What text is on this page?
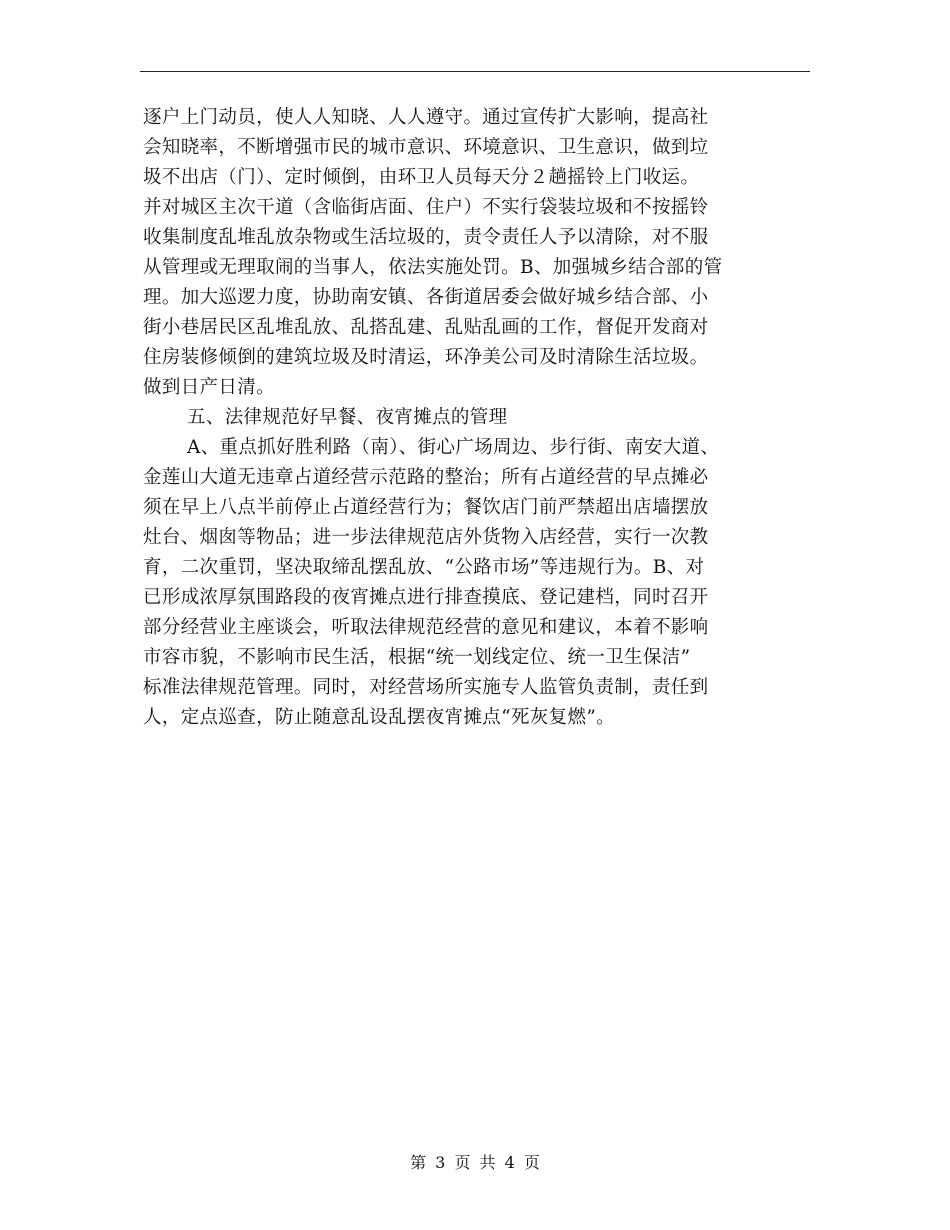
逐户上门动员，使人人知晓、人人遵守。通过宣传扩大影响，提高社
会知晓率，不断增强市民的城市意识、环境意识、卫生意识，做到垃
圾不出店（门）、定时倾倒，由环卫人员每天分２趟摇铃上门收运。
并对城区主次干道（含临街店面、住户）不实行袋装垃圾和不按摇铃
收集制度乱堆乱放杂物或生活垃圾的，责令责任人予以清除，对不服
从管理或无理取闹的当事人，依法实施处罚。B、加强城乡结合部的管
理。加大巡逻力度，协助南安镇、各街道居委会做好城乡结合部、小
街小巷居民区乱堆乱放、乱搭乱建、乱贴乱画的工作，督促开发商对
住房装修倾倒的建筑垃圾及时清运，环净美公司及时清除生活垃圾。
做到日产日清。
五、法律规范好早餐、夜宵摊点的管理
A、重点抓好胜利路（南）、街心广场周边、步行街、南安大道、
金莲山大道无违章占道经营示范路的整治；所有占道经营的早点摊必
须在早上八点半前停止占道经营行为；餐饮店门前严禁超出店墙摆放
灶台、烟囱等物品；进一步法律规范店外货物入店经营，实行一次教
育，二次重罚，坚决取缔乱摆乱放、“公路市场”等违规行为。B、对
已形成浓厚氛围路段的夜宵摊点进行排查摸底、登记建档，同时召开
部分经营业主座谈会，听取法律规范经营的意见和建议，本着不影响
市容市貌，不影响市民生活，根据“统一划线定位、统一卫生保洁”
标准法律规范管理。同时，对经营场所实施专人监管负责制，责任到
人，定点巡查，防止随意乱设乱摆夜宵摊点“死灰复燃”。
第 3 页 共 4 页
